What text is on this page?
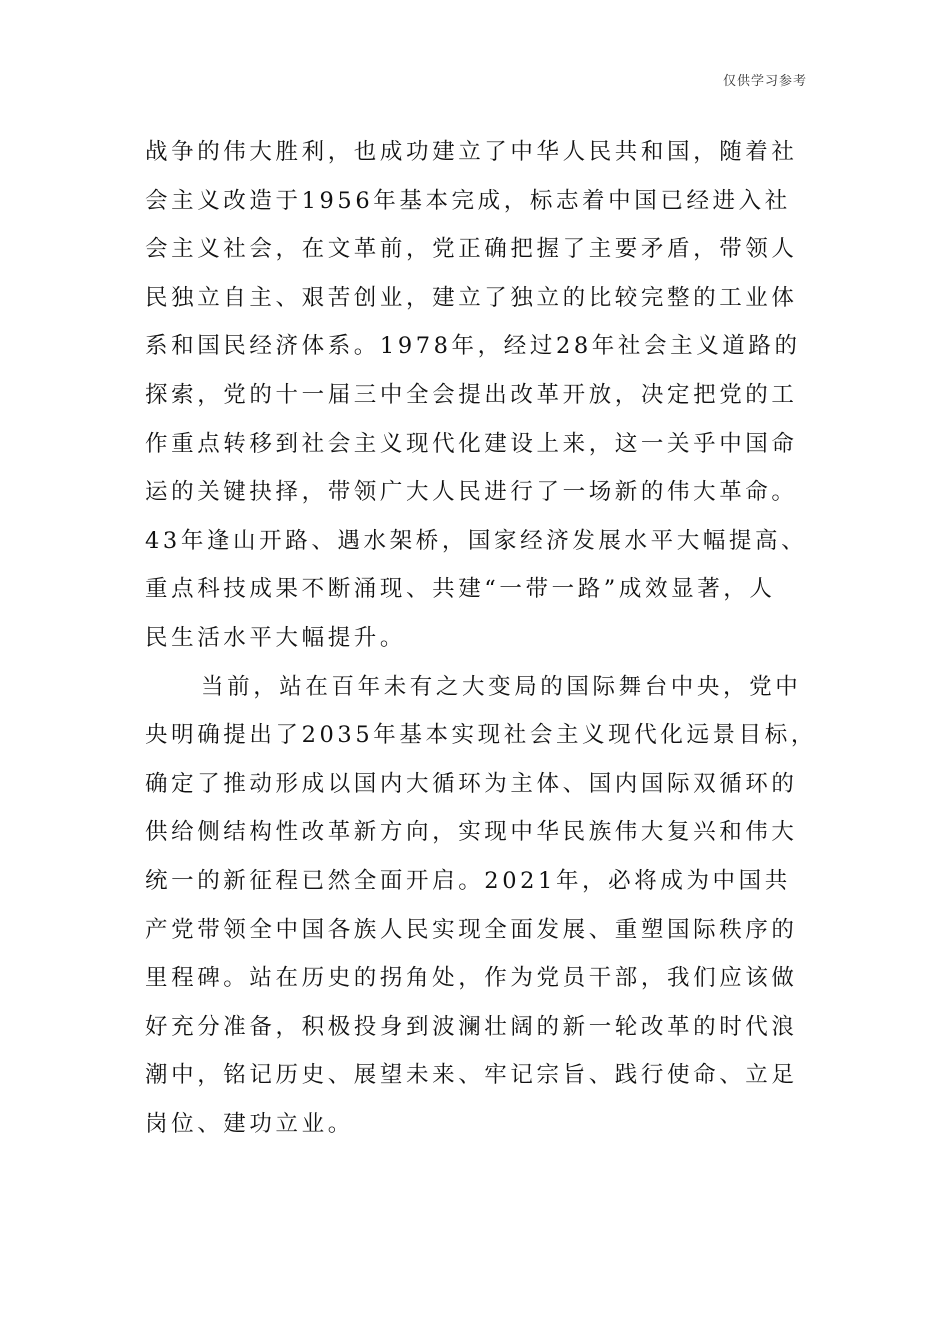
仅供学习参考
战争的伟大胜利，也成功建立了中华人民共和国，随着社
会主义改造于1956年基本完成，标志着中国已经进入社
会主义社会，在文革前，党正确把握了主要矛盾，带领人
民独立自主、艰苦创业，建立了独立的比较完整的工业体
系和国民经济体系。1978年，经过28年社会主义道路的
探索，党的十一届三中全会提出改革开放，决定把党的工
作重点转移到社会主义现代化建设上来，这一关乎中国命
运的关键抉择，带领广大人民进行了一场新的伟大革命。
43年逢山开路、遇水架桥，国家经济发展水平大幅提高、
重点科技成果不断涌现、共建“一带一路”成效显著，人
民生活水平大幅提升。
当前，站在百年未有之大变局的国际舞台中央，党中
央明确提出了2035年基本实现社会主义现代化远景目标，
确定了推动形成以国内大循环为主体、国内国际双循环的
供给侧结构性改革新方向，实现中华民族伟大复兴和伟大
统一的新征程已然全面开启。2021年，必将成为中国共
产党带领全中国各族人民实现全面发展、重塑国际秩序的
里程碑。站在历史的拐角处，作为党员干部，我们应该做
好充分准备，积极投身到波澜壮阔的新一轮改革的时代浪
潮中，铭记历史、展望未来、牢记宗旨、践行使命、立足
岗位、建功立业。
